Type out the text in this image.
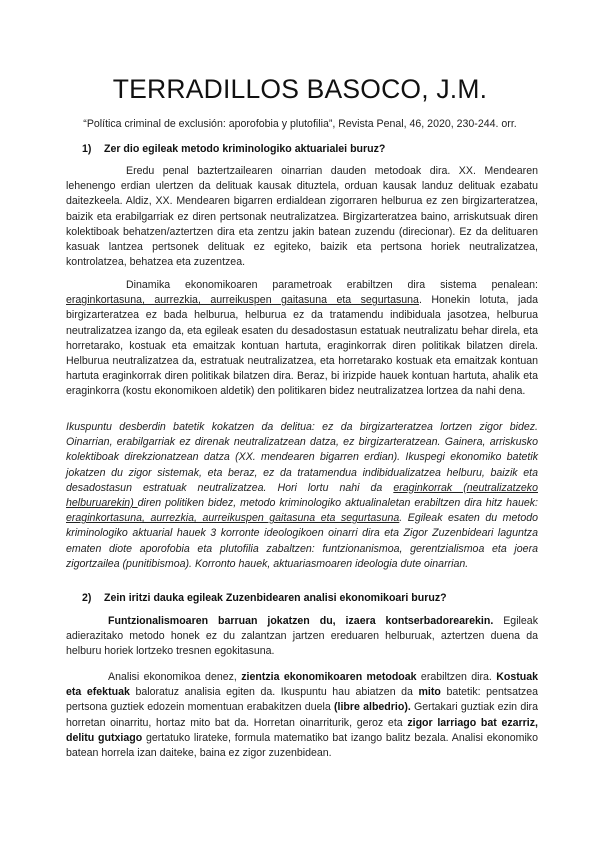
TERRADILLOS BASOCO, J.M.
“Política criminal de exclusión: aporofobia y plutofilia”, Revista Penal, 46, 2020, 230-244. orr.
1) Zer dio egileak metodo kriminologiko aktuarialei buruz?
Eredu penal baztertzailearen oinarrian dauden metodoak dira. XX. Mendearen lehenengo erdian ulertzen da delituak kausak dituztela, orduan kausak landuz delituak ezabatu daitezkeela. Aldiz, XX. Mendearen bigarren erdialdean zigorraren helburua ez zen birgizarteratzea, baizik eta erabilgarriak ez diren pertsonak neutralizatzea. Birgizarteratzea baino, arriskutsuak diren kolektiboak behatzen/aztertzen dira eta zentzu jakin batean zuzendu (direcionar). Ez da delituaren kasuak lantzea pertsonek delituak ez egiteko, baizik eta pertsona horiek neutralizatzea, kontrolatzea, behatzea eta zuzentzea.
Dinamika ekonomikoaren parametroak erabiltzen dira sistema penalean: eraginkortasuna, aurrezkia, aurreikuspen gaitasuna eta segurtasuna. Honekin lotuta, jada birgizarteratzea ez bada helburua, helburua ez da tratamendu indibiduala jasotzea, helburua neutralizatzea izango da, eta egileak esaten du desadostasun estatuak neutralizatu behar direla, eta horretarako, kostuak eta emaitzak kontuan hartuta, eraginkorrak diren politikak bilatzen direla. Helburua neutralizatzea da, estratuak neutralizatzea, eta horretarako kostuak eta emaitzak kontuan hartuta eraginkorrak diren politikak bilatzen dira. Beraz, bi irizpide hauek kontuan hartuta, ahalik eta eraginkorra (kostu ekonomikoen aldetik) den politikaren bidez neutralizatzea lortzea da nahi dena.
Ikuspuntu desberdin batetik kokatzen da delitua: ez da birgizarteratzea lortzen zigor bidez. Oinarrian, erabilgarriak ez direnak neutralizatzean datza, ez birgizarteratzean. Gainera, arriskusko kolektiboak direkzionatzean datza (XX. mendearen bigarren erdian). Ikuspegi ekonomiko batetik jokatzen du zigor sistemak, eta beraz, ez da tratamendua indibidualizatzea helburu, baizik eta desadostasun estratuak neutralizatzea. Hori lortu nahi da eraginkorrak (neutralizatzeko helburuarekin) diren politiken bidez, metodo kriminologiko aktualinaletan erabiltzen dira hitz hauek: eraginkortasuna, aurrezkia, aurreikuspen gaitasuna eta segurtasuna. Egileak esaten du metodo kriminologiko aktuarial hauek 3 korronte ideologikoen oinarri dira eta Zigor Zuzenbideari laguntza ematen diote aporofobia eta plutofilia zabaltzen: funtzionanismoa, gerentzialismoa eta joera zigortzailea (punitibismoa). Korronto hauek, aktuariasmoaren ideologia dute oinarrian.
2) Zein iritzi dauka egileak Zuzenbidearen analisi ekonomikoari buruz?
Funtzionalismoaren barruan jokatzen du, izaera kontserbadorearekin. Egileak adierazitako metodo honek ez du zalantzan jartzen ereduaren helburuak, aztertzen duena da helburu horiek lortzeko tresnen egokitasuna.
Analisi ekonomikoa denez, zientzia ekonomikoaren metodoak erabiltzen dira. Kostuak eta efektuak baloratuz analisia egiten da. Ikuspuntu hau abiatzen da mito batetik: pentsatzea pertsona guztiek edozein momentuan erabakitzen duela (libre albedrio). Gertakari guztiak ezin dira horretan oinarritu, hortaz mito bat da. Horretan oinarriturik, geroz eta zigor larriago bat ezarriz, delitu gutxiago gertatuko lirateke, formula matematiko bat izango balitz bezala. Analisi ekonomiko batean horrela izan daiteke, baina ez zigor zuzenbidean.
